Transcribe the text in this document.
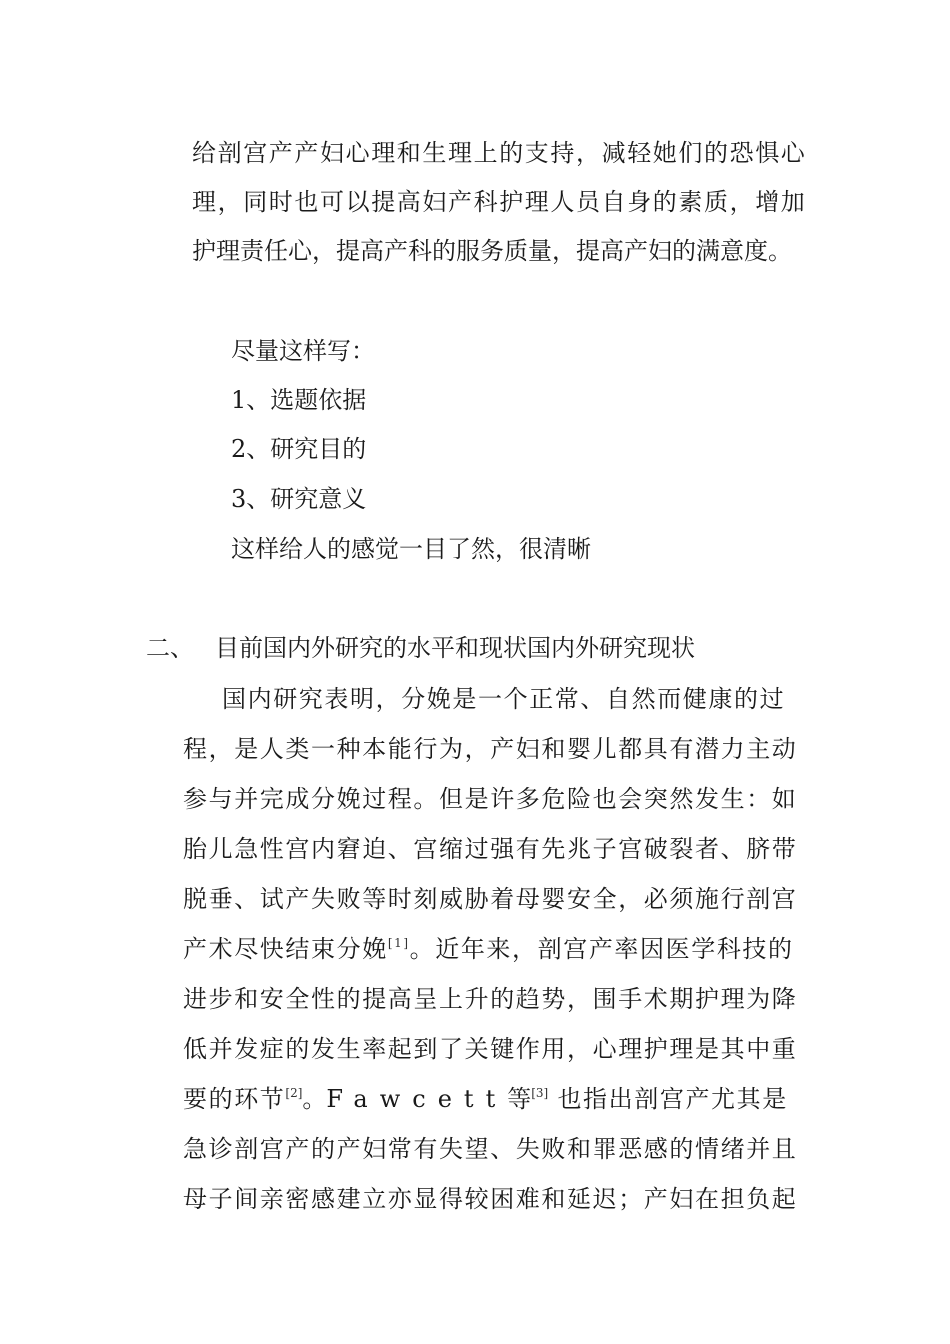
给剖宫产产妇心理和生理上的支持，减轻她们的恐惧心

理，同时也可以提高妇产科护理人员自身的素质，增加

护理责任心，提高产科的服务质量，提高产妇的满意度。

尽量这样写：

1、选题依据

2、研究目的

3、研究意义

这样给人的感觉一目了然，很清晰

二、 目前国内外研究的水平和现状国内外研究现状

国内研究表明，分娩是一个正常、自然而健康的过

程，是人类一种本能行为，产妇和婴儿都具有潜力主动

参与并完成分娩过程。但是许多危险也会突然发生：如

胎儿急性宫内窘迫、宫缩过强有先兆子宫破裂者、脐带

脱垂、试产失败等时刻威胁着母婴安全，必须施行剖宫

产术尽快结束分娩[1]。近年来，剖宫产率因医学科技的

进步和安全性的提高呈上升的趋势，围手术期护理为降

低并发症的发生率起到了关键作用，心理护理是其中重

要的环节[2]。Fawcett等[3] 也指出剖宫产尤其是

急诊剖宫产的产妇常有失望、失败和罪恶感的情绪并且

母子间亲密感建立亦显得较困难和延迟；产妇在担负起
